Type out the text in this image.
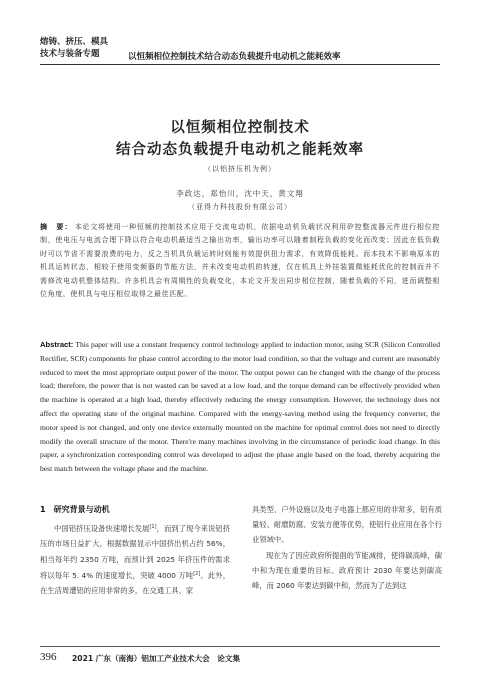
熔铸、挤压、模具
技术与装备专题	以恒频相位控制技术结合动态负载提升电动机之能耗效率
以恒频相位控制技术
结合动态负载提升电动机之能耗效率
（以铝挤压机为例）
李政达，郑怡川，沈中天，黄文翔
（亚得力科技股份有限公司）
摘　要： 本论文将使用一种恒频的控制技术应用于交流电动机，依据电动机负载状况利用矽控整流器元件进行相位控制，使电压与电流合理下降以符合电动机最适当之输出功率，输出功率可以随着制程负载的变化而改变；因此在低负载时可以节省不需要浪费的电力，反之当机具负载运转时则能有效提供扭力需求，有效降低能耗。而本技术不影响原本的机具运转状态，相较于使用变频器的节能方法，并未改变电动机的转速，仅在机具上外挂装置微能耗优化的控制而并不需修改电动机整体结构。许多机具会有周期性的负载变化，本论文开发出同步相位控制，随着负载的不同，进而调整相位角度，使机具与电压相位取得之最佳匹配。
Abstract: This paper will use a constant frequency control technology applied to induction motor, using SCR (Silicon Controlled Rectifier, SCR) components for phase control according to the motor load condition, so that the voltage and current are reasonably reduced to meet the most appropriate output power of the motor. The output power can be changed with the change of the process load; therefore, the power that is not wasted can be saved at a low load, and the torque demand can be effectively provided when the machine is operated at a high load, thereby effectively reducing the energy consumption. However, the technology does not affect the operating state of the original machine. Compared with the energy-saving method using the frequency converter, the motor speed is not changed, and only one device externally mounted on the machine for optimal control does not need to directly modify the overall structure of the motor. There're many machines involving in the circumstance of periodic load change. In this paper, a synchronization corresponding control was developed to adjust the phase angle based on the load, thereby acquiring the best match between the voltage phase and the machine.
1　研究背景与动机

中国铝挤压设备快速增长发展[1]，而到了现今来说铝挤压的市场日益扩大，根据数据显示中国挤出机占约 56%，相当每年约 2350 万吨，而预计到 2025 年挤压件的需求将以每年 5. 4% 的速度增长，突破 4000 万吨[2]。此外，在生活周遭铝的应用非常的多，在交通工具、家

具类型、户外设施以及电子电器上都应用的非常多，铝有质量轻、耐磨防腐、安装方便等优势，使铝行业应用在各个行业领域中。

现在为了因应政府所提倡的节能减排，使得碳高峰，碳中和为现在重要的目标。政府预计 2030 年要达到碳高峰，而 2060 年要达到碳中和，然而为了达到这

396 2021 广东（南海）铝加工产业技术大会　论文集
